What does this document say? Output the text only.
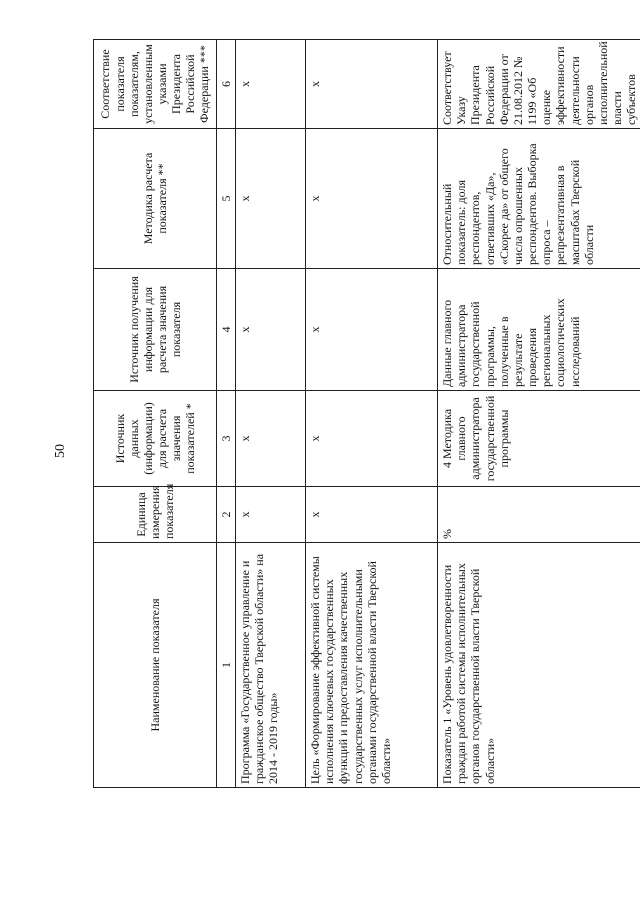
50
Наименование показателя	Единица измерения показателя	Источник данных (информации) для расчета значения показателей *	Источник получения информации для расчета значения показателя	Методика расчета показателя **	Соответствие показателя показателям, установленным указами Президента Российской Федерации ***
1	2	3	4	5	6
Программа «Государственное управление и гражданское общество Тверской области» на 2014 - 2019 годы»	x	x	x	x	x
Цель «Формирование эффективной системы исполнения ключевых государственных функций и предоставления качественных государственных услуг исполнительными органами государственной власти Тверской области»	x	x	x	x	x
Показатель 1 «Уровень удовлетворенности граждан работой системы исполнительных органов государственной власти Тверской области»	%	4 Методика главного администратора государственной программы	Данные главного администратора государственной программы, полученные в результате проведения региональных социологических исследований	Относительный показатель: доля респондентов, ответивших «Да», «Скорее да» от общего числа опрошенных респондентов. Выборка опроса – репрезентативная в масштабах Тверской области	Соответствует Указу Президента Российской Федерации от 21.08.2012 № 1199 «Об оценке эффективности деятельности органов исполнительной власти субъектов
